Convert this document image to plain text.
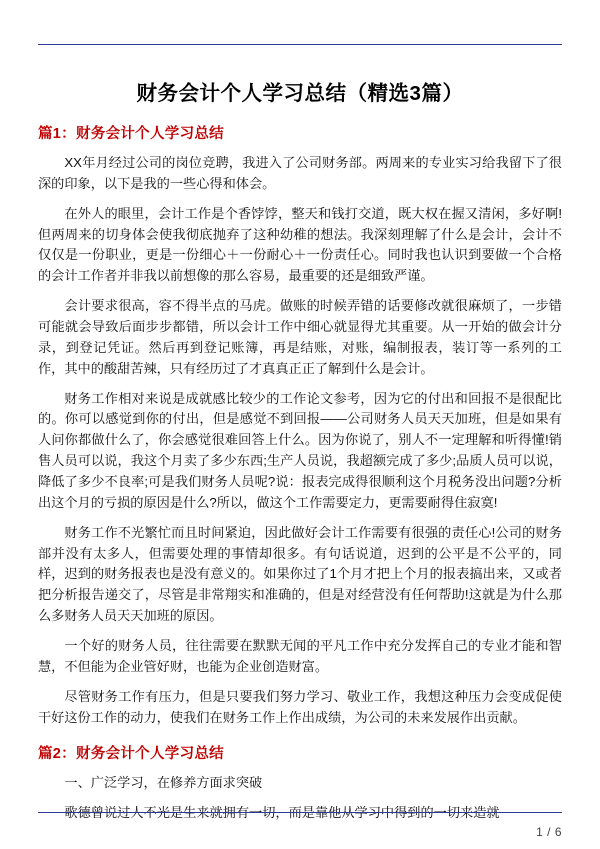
财务会计个人学习总结（精选3篇）
篇1：财务会计个人学习总结

XX年月经过公司的岗位竞聘，我进入了公司财务部。两周来的专业实习给我留下了很深的印象，以下是我的一些心得和体会。

在外人的眼里，会计工作是个香饽饽，整天和钱打交道，既大权在握又清闲，多好啊!但两周来的切身体会使我彻底抛弃了这种幼稚的想法。我深刻理解了什么是会计，会计不仅仅是一份职业，更是一份细心＋一份耐心＋一份责任心。同时我也认识到要做一个合格的会计工作者并非我以前想像的那么容易，最重要的还是细致严谨。

会计要求很高，容不得半点的马虎。做账的时候弄错的话要修改就很麻烦了，一步错可能就会导致后面步步都错，所以会计工作中细心就显得尤其重要。从一开始的做会计分录，到登记凭证。然后再到登记账簿，再是结账，对账，编制报表，装订等一系列的工作，其中的酸甜苦辣，只有经历过了才真真正正了解到什么是会计。

财务工作相对来说是成就感比较少的工作论文参考，因为它的付出和回报不是很配比的。你可以感觉到你的付出，但是感觉不到回报——公司财务人员天天加班，但是如果有人问你都做什么了，你会感觉很难回答上什么。因为你说了，别人不一定理解和听得懂!销售人员可以说，我这个月卖了多少东西;生产人员说，我超额完成了多少;品质人员可以说，降低了多少不良率;可是我们财务人员呢?说：报表完成得很顺利这个月税务没出问题?分析出这个月的亏损的原因是什么?所以，做这个工作需要定力，更需要耐得住寂寞!

财务工作不光繁忙而且时间紧迫，因此做好会计工作需要有很强的责任心!公司的财务部并没有太多人，但需要处理的事情却很多。有句话说道，迟到的公平是不公平的，同样，迟到的财务报表也是没有意义的。如果你过了1个月才把上个月的报表搞出来，又或者把分析报告递交了，尽管是非常翔实和准确的，但是对经营没有任何帮助!这就是为什么那么多财务人员天天加班的原因。

一个好的财务人员，往往需要在默默无闻的平凡工作中充分发挥自己的专业才能和智慧，不但能为企业管好财，也能为企业创造财富。

尽管财务工作有压力，但是只要我们努力学习、敬业工作，我想这种压力会变成促使干好这份工作的动力，使我们在财务工作上作出成绩，为公司的未来发展作出贡献。

篇2：财务会计个人学习总结

一、广泛学习，在修养方面求突破

歌德曾说过人不光是生来就拥有一切，而是靠他从学习中得到的一切来造就

1 / 6
